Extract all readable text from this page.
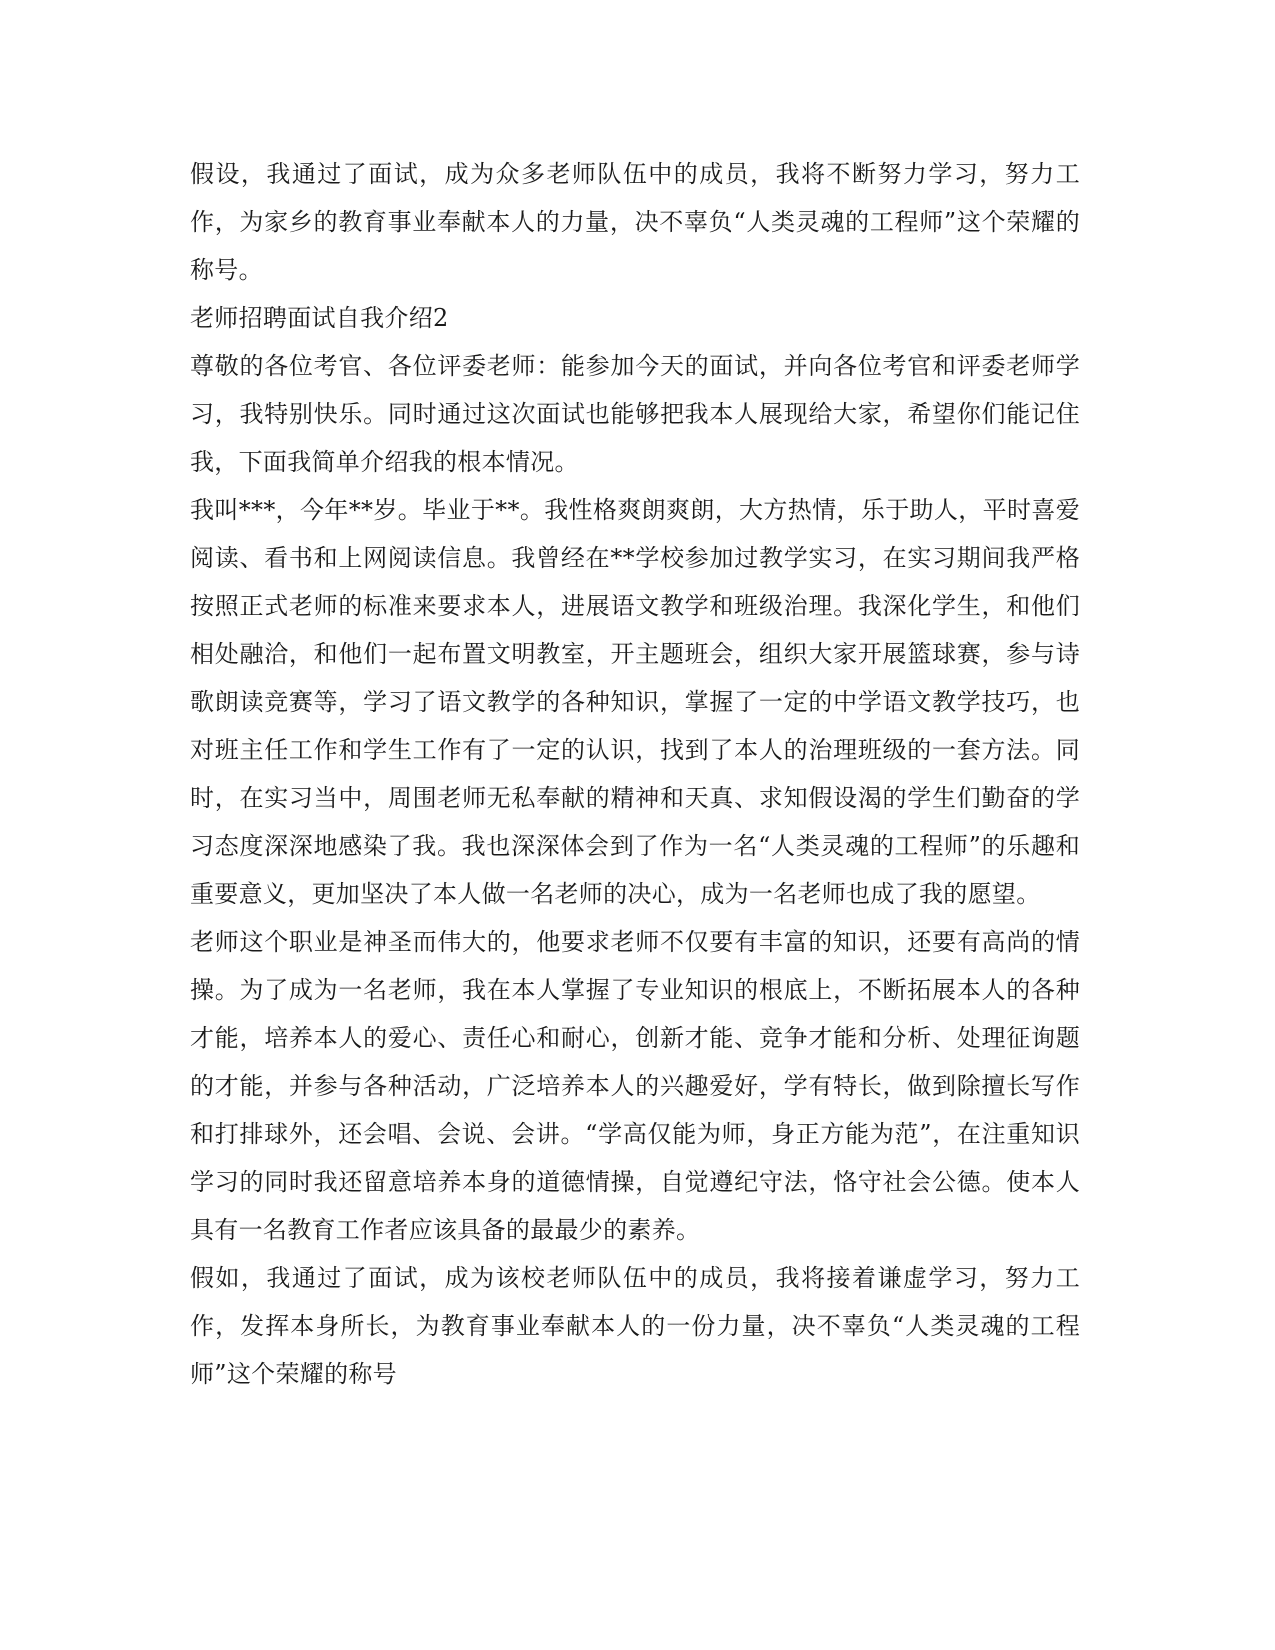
假设，我通过了面试，成为众多老师队伍中的成员，我将不断努力学习，努力工作，为家乡的教育事业奉献本人的力量，决不辜负“人类灵魂的工程师”这个荣耀的称号。

老师招聘面试自我介绍2

尊敬的各位考官、各位评委老师：能参加今天的面试，并向各位考官和评委老师学习，我特别快乐。同时通过这次面试也能够把我本人展现给大家，希望你们能记住我，下面我简单介绍我的根本情况。

我叫***，今年**岁。毕业于**。我性格爽朗爽朗，大方热情，乐于助人，平时喜爱阅读、看书和上网阅读信息。我曾经在**学校参加过教学实习，在实习期间我严格按照正式老师的标准来要求本人，进展语文教学和班级治理。我深化学生，和他们相处融洽，和他们一起布置文明教室，开主题班会，组织大家开展篮球赛，参与诗歌朗读竞赛等，学习了语文教学的各种知识，掌握了一定的中学语文教学技巧，也对班主任工作和学生工作有了一定的认识，找到了本人的治理班级的一套方法。同时，在实习当中，周围老师无私奉献的精神和天真、求知假设渴的学生们勤奋的学习态度深深地感染了我。我也深深体会到了作为一名“人类灵魂的工程师”的乐趣和重要意义，更加坚决了本人做一名老师的决心，成为一名老师也成了我的愿望。

老师这个职业是神圣而伟大的，他要求老师不仅要有丰富的知识，还要有高尚的情操。为了成为一名老师，我在本人掌握了专业知识的根底上，不断拓展本人的各种才能，培养本人的爱心、责任心和耐心，创新才能、竞争才能和分析、处理征询题的才能，并参与各种活动，广泛培养本人的兴趣爱好，学有特长，做到除擅长写作和打排球外，还会唱、会说、会讲。“学高仅能为师，身正方能为范”，在注重知识学习的同时我还留意培养本身的道德情操，自觉遵纪守法，恪守社会公德。使本人具有一名教育工作者应该具备的最最少的素养。

假如，我通过了面试，成为该校老师队伍中的成员，我将接着谦虚学习，努力工作，发挥本身所长，为教育事业奉献本人的一份力量，决不辜负“人类灵魂的工程师”这个荣耀的称号
